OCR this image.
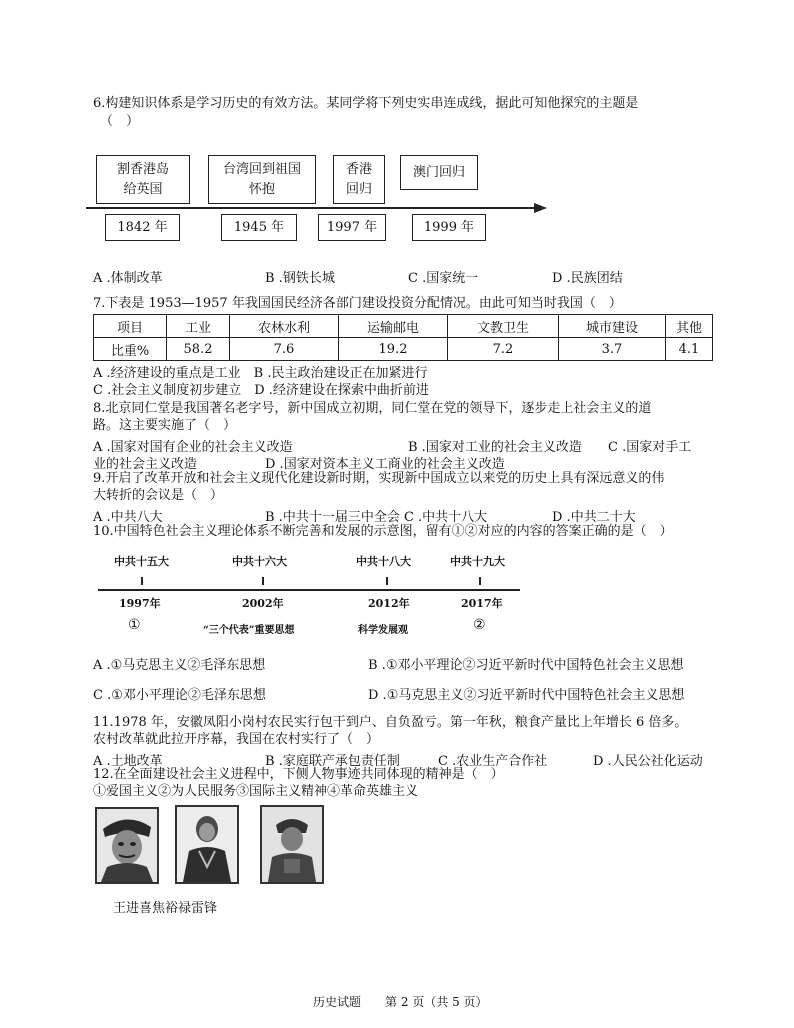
6.构建知识体系是学习历史的有效方法。某同学将下列史实串连成线，据此可知他探究的主题是
（　）
割香港岛
给英国
台湾回到祖国
怀抱
香港
回归
澳门回归
1842 年	1945 年	1997 年	1999 年
A .体制改革	B .钢铁长城	C .国家统一	D .民族团结
7.下表是 1953—1957 年我国国民经济各部门建设投资分配情况。由此可知当时我国（　）
项目	工业	农林水利	运输邮电	文教卫生	城市建设	其他
比重%	58.2	7.6	19.2	7.2	3.7	4.1
A .经济建设的重点是工业　B .民主政治建设正在加紧进行
C .社会主义制度初步建立　D .经济建设在探索中曲折前进
8.北京同仁堂是我国著名老字号，新中国成立初期，同仁堂在党的领导下，逐步走上社会主义的道
路。这主要实施了（　）
A .国家对国有企业的社会主义改造	B .国家对工业的社会主义改造 C .国家对手工
业的社会主义改造	D .国家对资本主义工商业的社会主义改造
9.开启了改革开放和社会主义现代化建设新时期，实现新中国成立以来党的历史上具有深远意义的伟
大转折的会议是（　）
A .中共八大	B .中共十一届三中全会 C .中共十八大	D .中共二十大
10.中国特色社会主义理论体系不断完善和发展的示意图，留有①②对应的内容的答案正确的是（　）
中共十五大	中共十六大	中共十八大	中共十九大
1997年	2002年	2012年	2017年
①	“三个代表”重要思想	科学发展观	②
A .①马克思主义②毛泽东思想	B .①邓小平理论②习近平新时代中国特色社会主义思想
C .①邓小平理论②毛泽东思想	D .①马克思主义②习近平新时代中国特色社会主义思想
11.1978 年，安徽凤阳小岗村农民实行包干到户、自负盈亏。第一年秋，粮食产量比上年增长 6 倍多。
农村改革就此拉开序幕，我国在农村实行了（　）
A .土地改革	B .家庭联产承包责任制	C .农业生产合作社	D .人民公社化运动
12.在全面建设社会主义进程中，下侧人物事迹共同体现的精神是（　）
①爱国主义②为人民服务③国际主义精神④革命英雄主义
王进喜焦裕禄雷锋
历史试题　　第 2 页（共 5 页）
